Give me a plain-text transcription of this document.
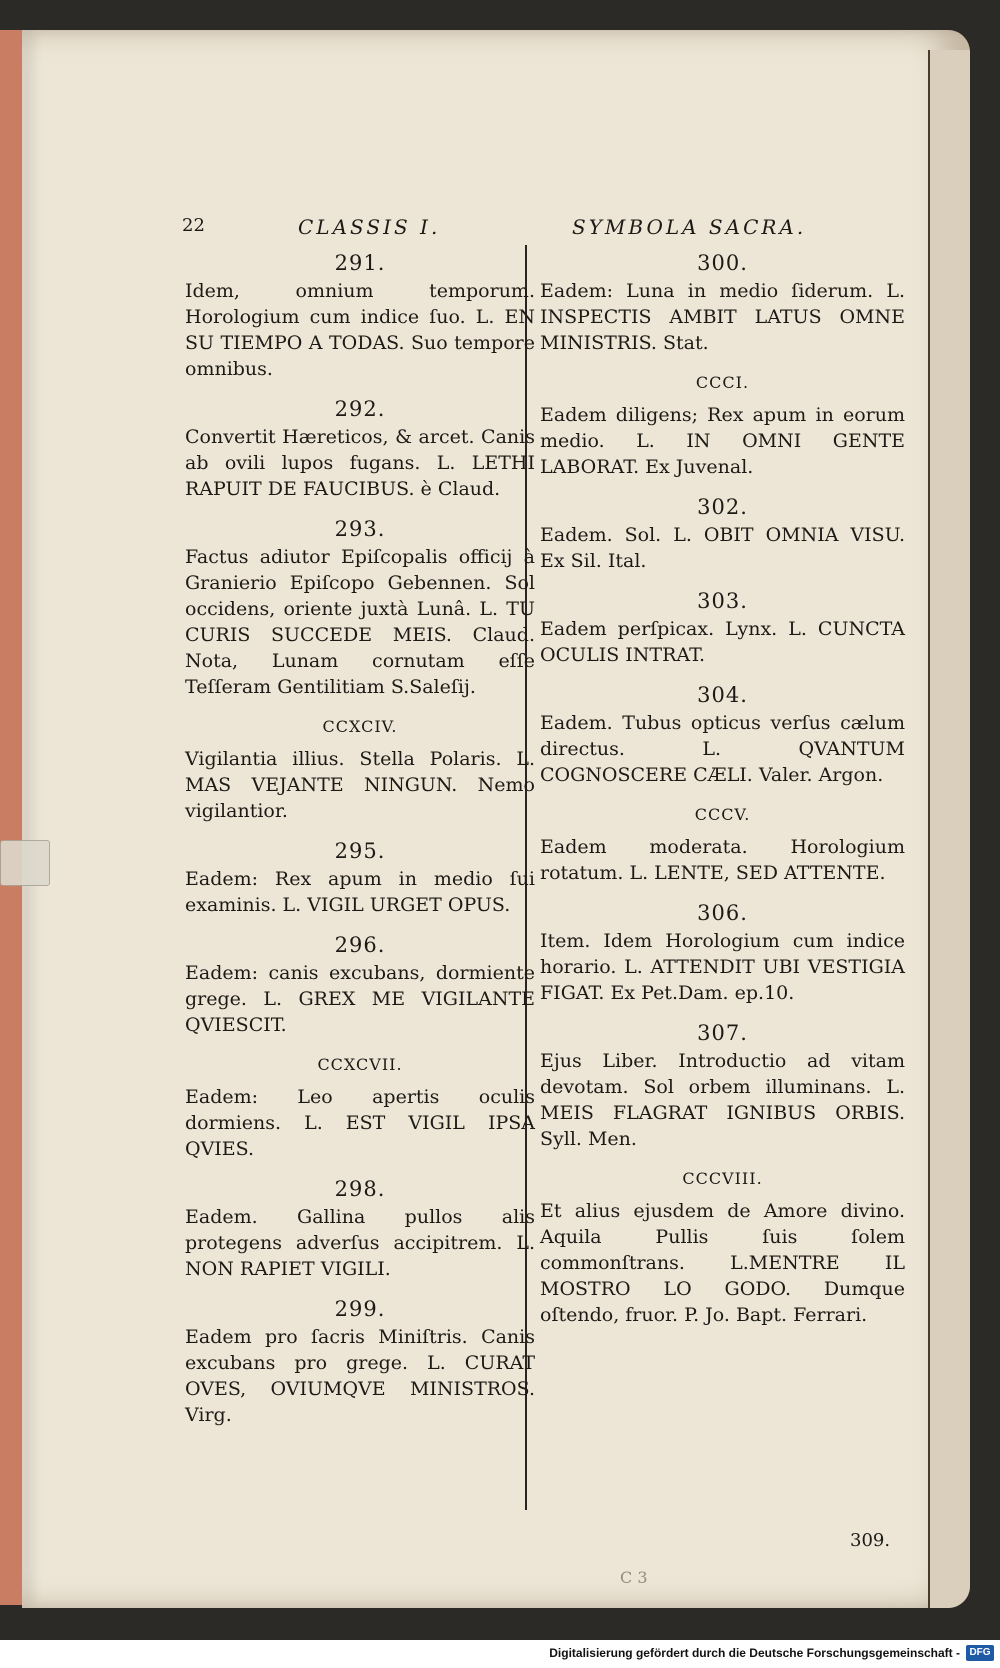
22	CLASSIS I.	SYMBOLA SACRA.
291.
Idem, omnium temporum. Horologium cum indice ſuo. L. EN SU TIEMPO A TODAS. Suo tempore omnibus.
292.
Convertit Hæreticos, & arcet. Canis ab ovili lupos fugans. L. LETHI RAPUIT DE FAUCIBUS. è Claud.
293.
Factus adiutor Epiſcopalis officij à Granierio Epiſcopo Gebennen. Sol occidens, oriente juxtà Lunâ. L. TU CURIS SUCCEDE MEIS. Claud. Nota, Lunam cornutam eſſe Teſſeram Gentilitiam S.Saleſij.
CCXCIV.
Vigilantia illius. Stella Polaris. L. MAS VEJANTE NINGUN. Nemo vigilantior.
295.
Eadem: Rex apum in medio ſui examinis. L. VIGIL URGET OPUS.
296.
Eadem: canis excubans, dormiente grege. L. GREX ME VIGILANTE QVIESCIT.
CCXCVII.
Eadem: Leo apertis oculis dormiens. L. EST VIGIL IPSA QVIES.
298.
Eadem. Gallina pullos alis protegens adverſus accipitrem. L. NON RAPIET VIGILI.
299.
Eadem pro ſacris Miniſtris. Canis excubans pro grege. L. CURAT OVES, OVIUMQVE MINISTROS. Virg.
300.
Eadem: Luna in medio ſiderum. L. INSPECTIS AMBIT LATUS OMNE MINISTRIS. Stat.
CCCI.
Eadem diligens; Rex apum in eorum medio. L. IN OMNI GENTE LABORAT. Ex Juvenal.
302.
Eadem. Sol. L. OBIT OMNIA VISU. Ex Sil. Ital.
303.
Eadem perſpicax. Lynx. L. CUNCTA OCULIS INTRAT.
304.
Eadem. Tubus opticus verſus cælum directus. L. QVANTUM COGNOSCERE CÆLI. Valer. Argon.
CCCV.
Eadem moderata. Horologium rotatum. L. LENTE, SED ATTENTE.
306.
Item. Idem Horologium cum indice horario. L. ATTENDIT UBI VESTIGIA FIGAT. Ex Pet.Dam. ep.10.
307.
Ejus Liber. Introductio ad vitam devotam. Sol orbem illuminans. L. MEIS FLAGRAT IGNIBUS ORBIS. Syll. Men.
CCCVIII.
Et alius ejusdem de Amore divino. Aquila Pullis ſuis ſolem commonſtrans. L.MENTRE IL MOSTRO LO GODO. Dumque oſtendo, fruor. P. Jo. Bapt. Ferrari.
309.
C 3
Digitalisierung gefördert durch die Deutsche Forschungsgemeinschaft - DFG
